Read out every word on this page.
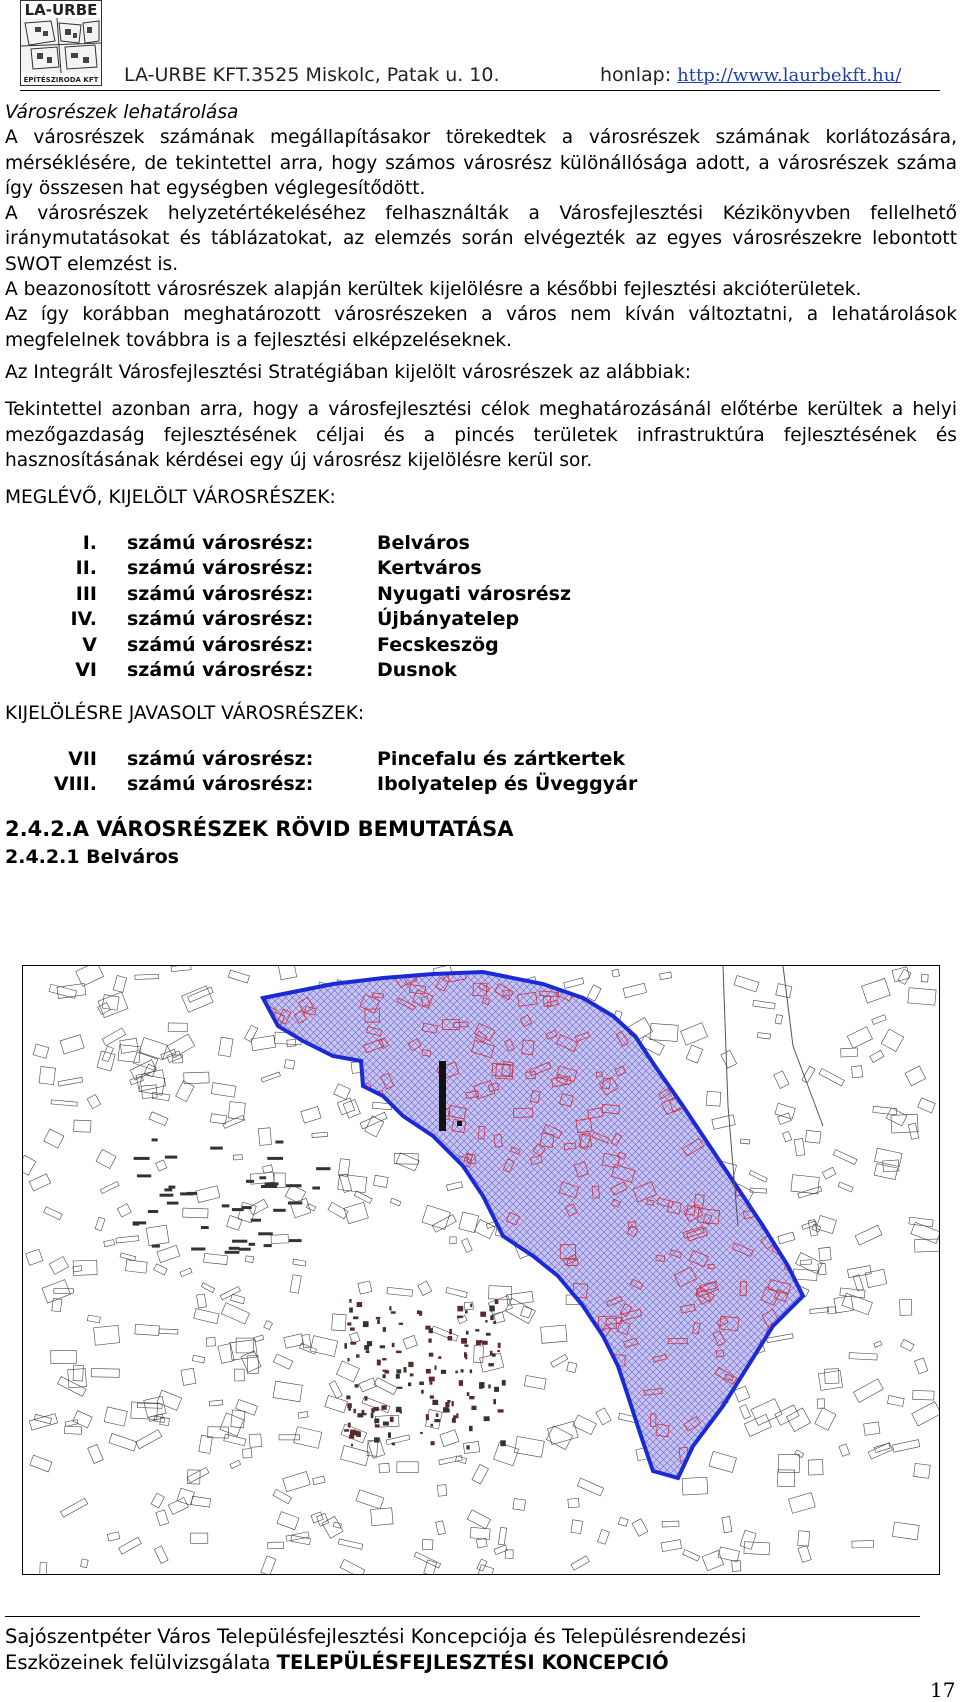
LA-URBE
ÉPÍTÉSZIRODA KFT LA-URBE KFT.3525 Miskolc, Patak u. 10.	honlap: http://www.laurbekft.hu/

Városrészek lehatárolása

A városrészek számának megállapításakor törekedtek a városrészek számának korlátozására, mérséklésére, de tekintettel arra, hogy számos városrész különállósága adott, a városrészek száma így összesen hat egységben véglegesítődött.

A városrészek helyzetértékeléséhez felhasználták a Városfejlesztési Kézikönyvben fellelhető iránymutatásokat és táblázatokat, az elemzés során elvégezték az egyes városrészekre lebontott SWOT elemzést is.

A beazonosított városrészek alapján kerültek kijelölésre a későbbi fejlesztési akcióterületek.

Az így korábban meghatározott városrészeken a város nem kíván változtatni, a lehatárolások megfelelnek továbbra is a fejlesztési elképzeléseknek.

Az Integrált Városfejlesztési Stratégiában kijelölt városrészek az alábbiak:

Tekintettel azonban arra, hogy a városfejlesztési célok meghatározásánál előtérbe kerültek a helyi mezőgazdaság fejlesztésének céljai és a pincés területek infrastruktúra fejlesztésének és hasznosításának kérdései egy új városrész kijelölésre kerül sor.

MEGLÉVŐ, KIJELÖLT VÁROSRÉSZEK:

I.	számú városrész:	Belváros
II.	számú városrész:	Kertváros
III	számú városrész:	Nyugati városrész
IV.	számú városrész:	Újbányatelep
V	számú városrész:	Fecskeszög
VI	számú városrész:	Dusnok

KIJELÖLÉSRE JAVASOLT VÁROSRÉSZEK:

VII	számú városrész:	Pincefalu és zártkertek
VIII.	számú városrész:	Ibolyatelep és Üveggyár
2.4.2.A VÁROSRÉSZEK RÖVID BEMUTATÁSA
2.4.2.1 Belváros
Sajószentpéter Város Településfejlesztési Koncepciója és Településrendezési
Eszközeinek felülvizsgálata TELEPÜLÉSFEJLESZTÉSI KONCEPCIÓ
17
